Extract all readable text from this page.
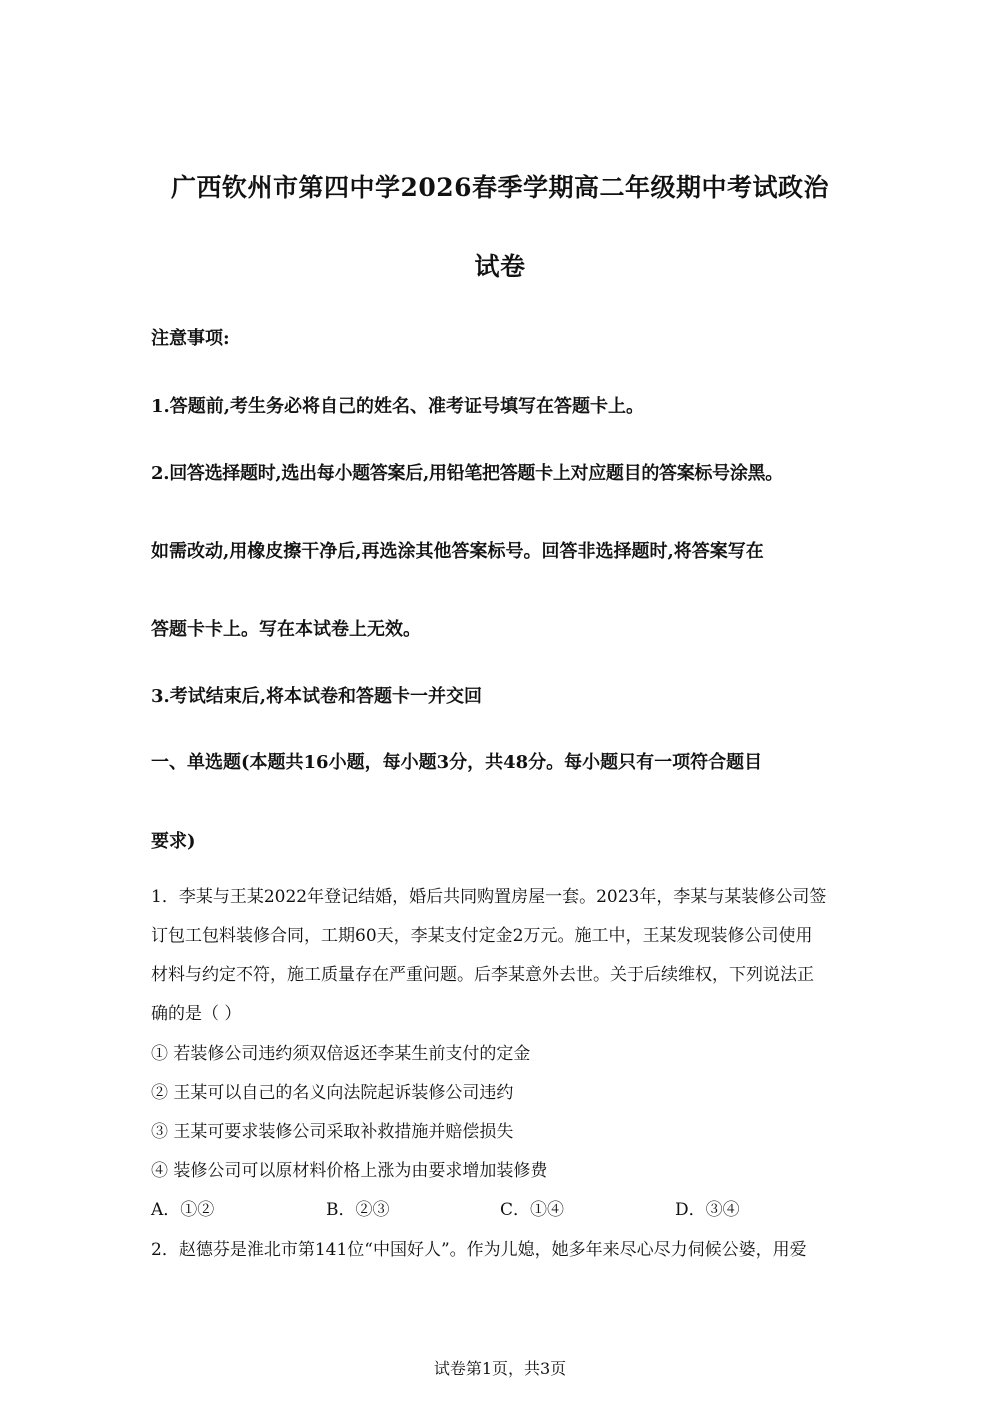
广西钦州市第四中学2026春季学期高二年级期中考试政治
试卷
注意事项:
1.答题前,考生务必将自己的姓名、准考证号填写在答题卡上。
2.回答选择题时,选出每小题答案后,用铅笔把答题卡上对应题目的答案标号涂黑。
如需改动,用橡皮擦干净后,再选涂其他答案标号。回答非选择题时,将答案写在
答题卡卡上。写在本试卷上无效。
3.考试结束后,将本试卷和答题卡一并交回
一、单选题(本题共16小题，每小题3分，共48分。每小题只有一项符合题目
要求)
1．李某与王某2022年登记结婚，婚后共同购置房屋一套。2023年，李某与某装修公司签
订包工包料装修合同，工期60天，李某支付定金2万元。施工中，王某发现装修公司使用
材料与约定不符，施工质量存在严重问题。后李某意外去世。关于后续维权，下列说法正
确的是（ ）
① 若装修公司违约须双倍返还李某生前支付的定金
② 王某可以自己的名义向法院起诉装修公司违约
③ 王某可要求装修公司采取补救措施并赔偿损失
④ 装修公司可以原材料价格上涨为由要求增加装修费
A．①②	B．②③	C．①④	D．③④
2．赵德芬是淮北市第141位“中国好人”。作为儿媳，她多年来尽心尽力伺候公婆，用爱
试卷第1页，共3页
